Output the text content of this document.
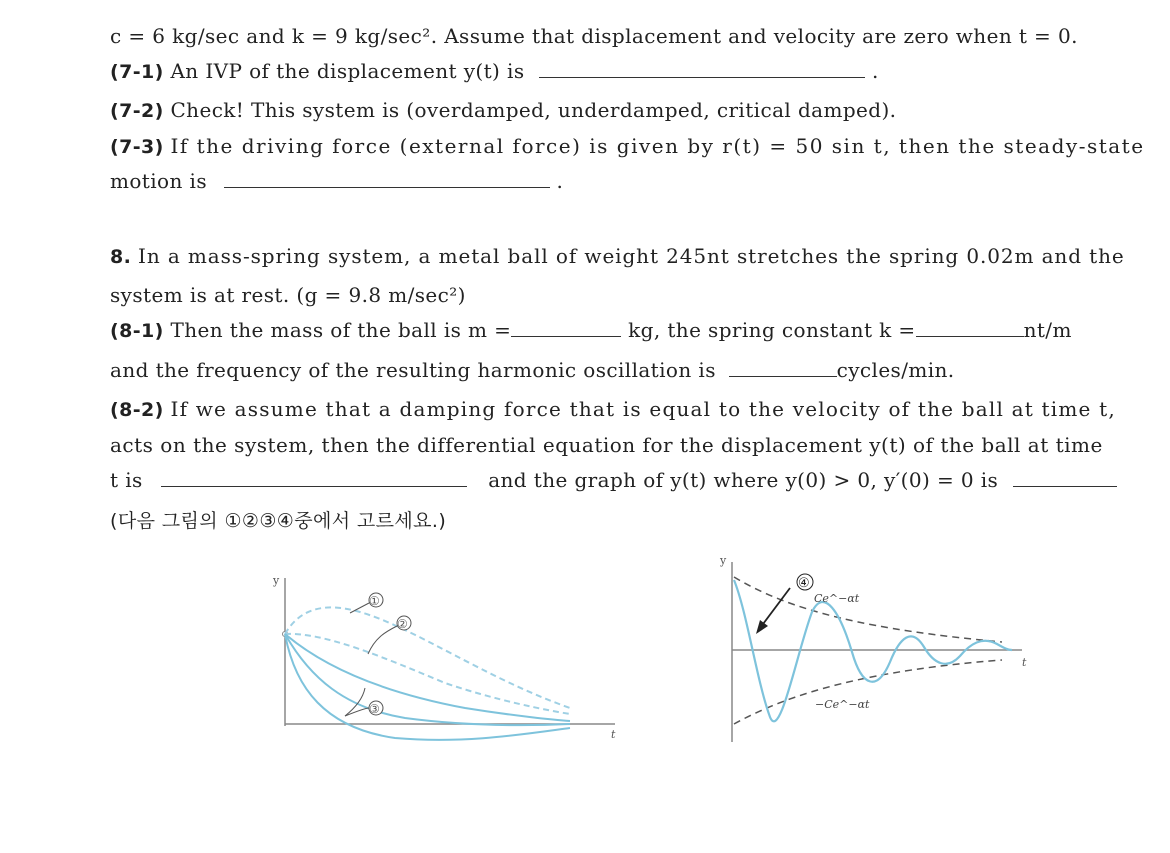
c = 6 kg/sec and k = 9 kg/sec². Assume that displacement and velocity are zero when t = 0.
(7-1) An IVP of the displacement y(t) is	.
(7-2) Check! This system is (overdamped, underdamped, critical damped).
(7-3) If the driving force (external force) is given by r(t) = 50 sin t, then the steady-state
motion is	.
8. In a mass-spring system, a metal ball of weight 245nt stretches the spring 0.02m and the
system is at rest. (g = 9.8 m/sec²)
(8-1) Then the mass of the ball is m =	kg, the spring constant k =	nt/m
and the frequency of the resulting harmonic oscillation is	cycles/min.
(8-2) If we assume that a damping force that is equal to the velocity of the ball at time t,
acts on the system, then the differential equation for the displacement y(t) of the ball at time
t is	and the graph of y(t) where y(0) > 0, y′(0) = 0 is
(다음 그림의 ①②③④중에서 고르세요.)
y
t
①
②
③
y
t
④
Ce^−αt
−Ce^−αt
